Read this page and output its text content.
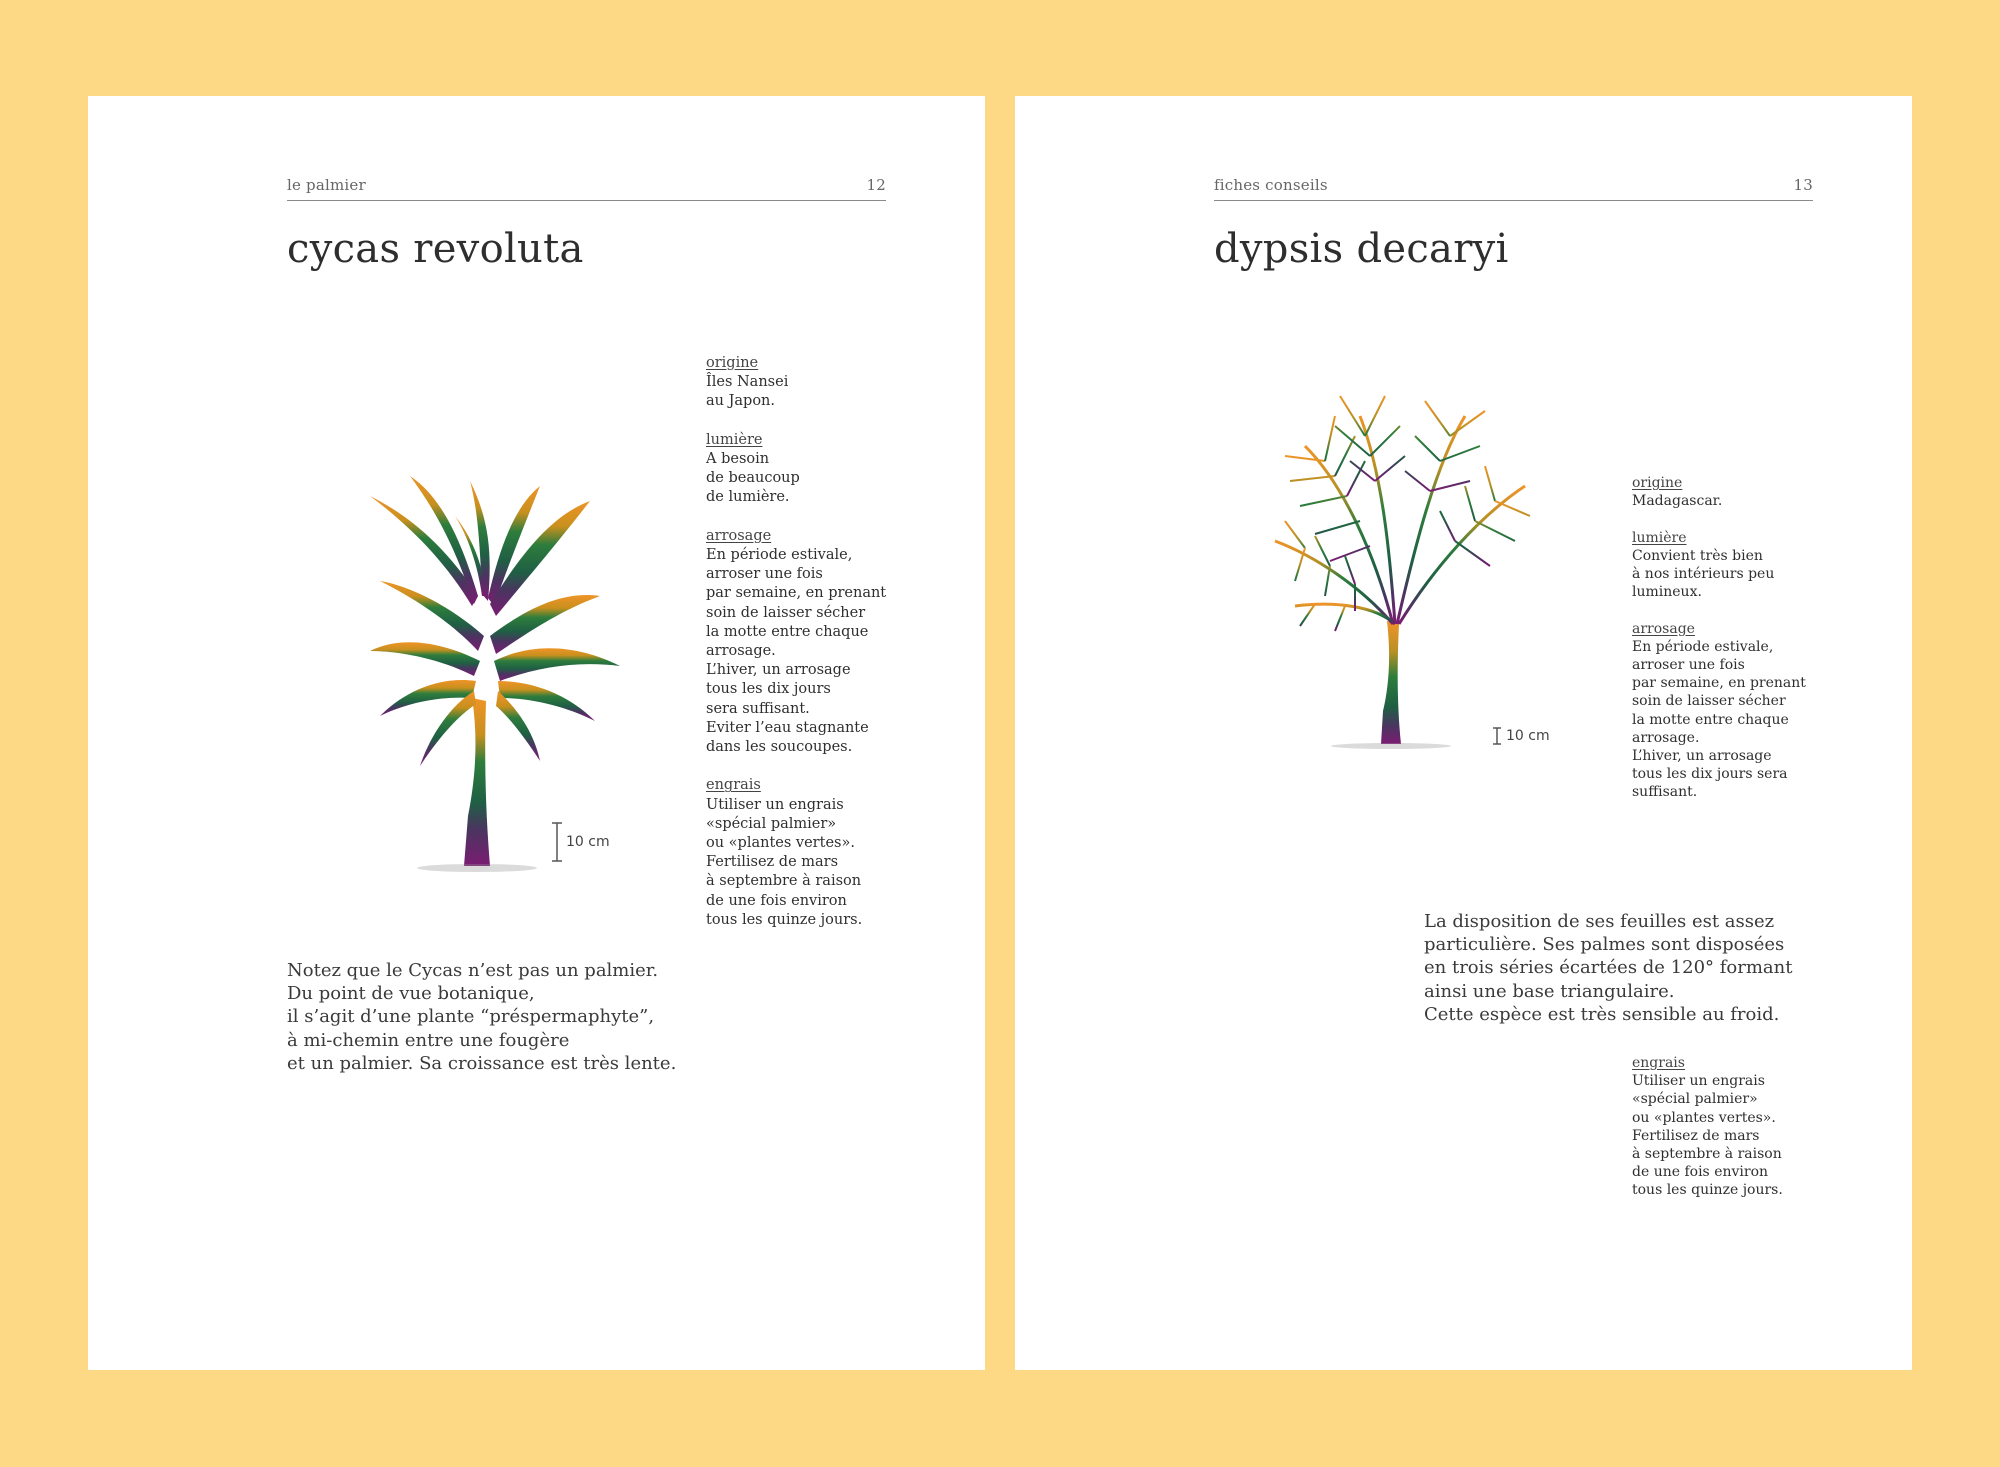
le palmier	12
cycas revoluta
10 cm
origine
Îles Nansei
au Japon.
lumière
A besoin
de beaucoup
de lumière.
arrosage
En période estivale,
arroser une fois
par semaine, en prenant
soin de laisser sécher
la motte entre chaque
arrosage.
L’hiver, un arrosage
tous les dix jours
sera suffisant.
Eviter l’eau stagnante
dans les soucoupes.
engrais
Utiliser un engrais
«spécial palmier»
ou «plantes vertes».
Fertilisez de mars
à septembre à raison
de une fois environ
tous les quinze jours.
Notez que le Cycas n’est pas un palmier.
Du point de vue botanique,
il s’agit d’une plante “préspermaphyte”,
à mi-chemin entre une fougère
et un palmier. Sa croissance est très lente.
fiches conseils	13
dypsis decaryi
10 cm
origine
Madagascar.
lumière
Convient très bien
à nos intérieurs peu
lumineux.
arrosage
En période estivale,
arroser une fois
par semaine, en prenant
soin de laisser sécher
la motte entre chaque
arrosage.
L’hiver, un arrosage
tous les dix jours sera
suffisant.
La disposition de ses feuilles est assez
particulière. Ses palmes sont disposées
en trois séries écartées de 120° formant
ainsi une base triangulaire.
Cette espèce est très sensible au froid.
engrais
Utiliser un engrais
«spécial palmier»
ou «plantes vertes».
Fertilisez de mars
à septembre à raison
de une fois environ
tous les quinze jours.
